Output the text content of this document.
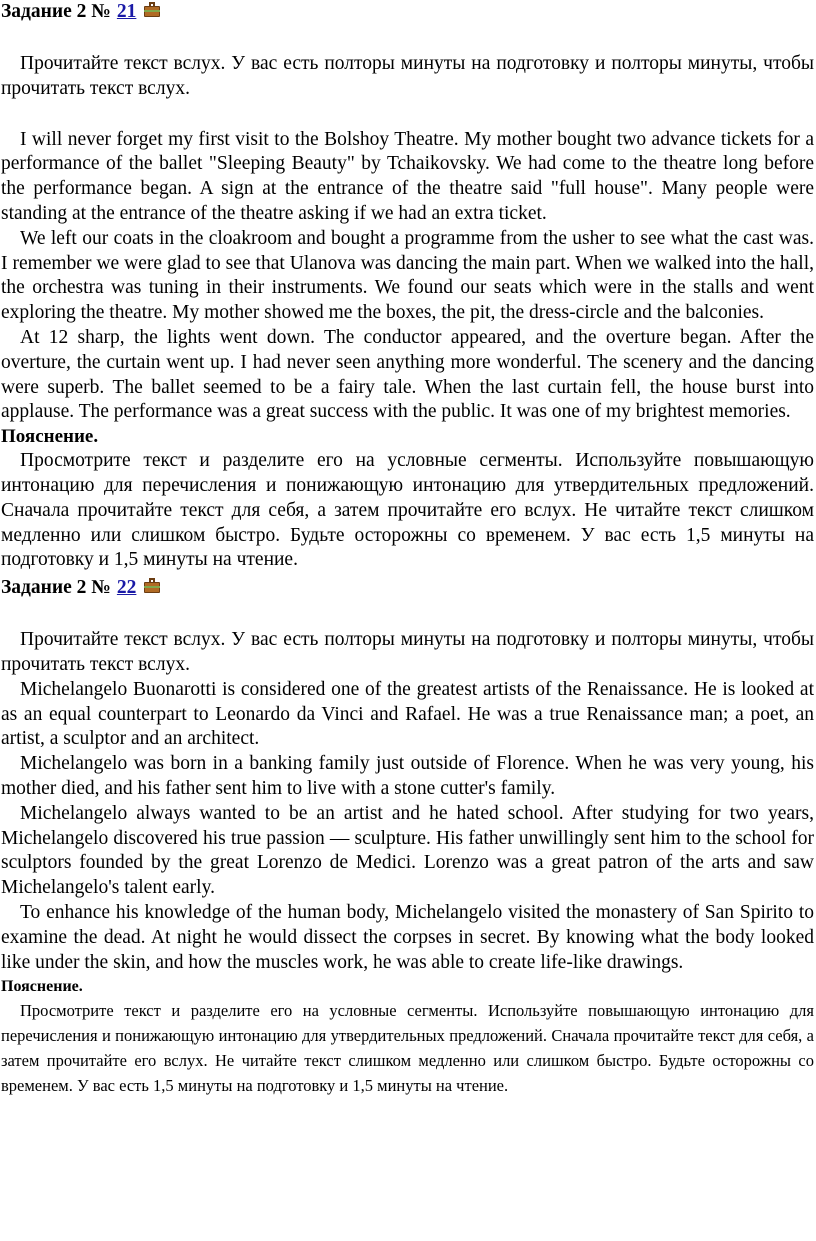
Задание 2 № 21

Прочитайте текст вслух. У вас есть полторы минуты на подготовку и полторы минуты, чтобы прочитать текст вслух.

I will never forget my first visit to the Bolshoy Theatre. My mother bought two advance tickets for a performance of the ballet "Sleeping Beauty" by Tchaikovsky. We had come to the theatre long before the performance began. A sign at the entrance of the theatre said "full house". Many people were standing at the entrance of the theatre asking if we had an extra ticket.

We left our coats in the cloakroom and bought a programme from the usher to see what the cast was. I remember we were glad to see that Ulanova was dancing the main part. When we walked into the hall, the orchestra was tuning in their instruments. We found our seats which were in the stalls and went exploring the theatre. My mother showed me the boxes, the pit, the dress-circle and the balconies.

At 12 sharp, the lights went down. The conductor appeared, and the overture began. After the overture, the curtain went up. I had never seen anything more wonderful. The scenery and the dancing were superb. The ballet seemed to be a fairy tale. When the last curtain fell, the house burst into applause. The performance was a great success with the public. It was one of my brightest memories.

Пояснение.

Просмотрите текст и разделите его на условные сегменты. Используйте повышающую интонацию для перечисления и понижающую интонацию для утвердительных предложений. Сначала прочитайте текст для себя, а затем прочитайте его вслух. Не читайте текст слишком медленно или слишком быстро. Будьте осторожны со временем. У вас есть 1,5 минуты на подготовку и 1,5 минуты на чтение.

Задание 2 № 22

Прочитайте текст вслух. У вас есть полторы минуты на подготовку и полторы минуты, чтобы прочитать текст вслух.

Michelangelo Buonarotti is considered one of the greatest artists of the Renaissance. He is looked at as an equal counterpart to Leonardo da Vinci and Rafael. He was a true Renaissance man; a poet, an artist, a sculptor and an architect.

Michelangelo was born in a banking family just outside of Florence. When he was very young, his mother died, and his father sent him to live with a stone cutter's family.

Michelangelo always wanted to be an artist and he hated school. After studying for two years, Michelangelo discovered his true passion — sculpture. His father unwillingly sent him to the school for sculptors founded by the great Lorenzo de Medici. Lorenzo was a great patron of the arts and saw Michelangelo's talent early.

To enhance his knowledge of the human body, Michelangelo visited the monastery of San Spirito to examine the dead. At night he would dissect the corpses in secret. By knowing what the body looked like under the skin, and how the muscles work, he was able to create life-like drawings.

Пояснение.

Просмотрите текст и разделите его на условные сегменты. Используйте повышающую интонацию для перечисления и понижающую интонацию для утвердительных предложений. Сначала прочитайте текст для себя, а затем прочитайте его вслух. Не читайте текст слишком медленно или слишком быстро. Будьте осторожны со временем. У вас есть 1,5 минуты на подготовку и 1,5 минуты на чтение.
